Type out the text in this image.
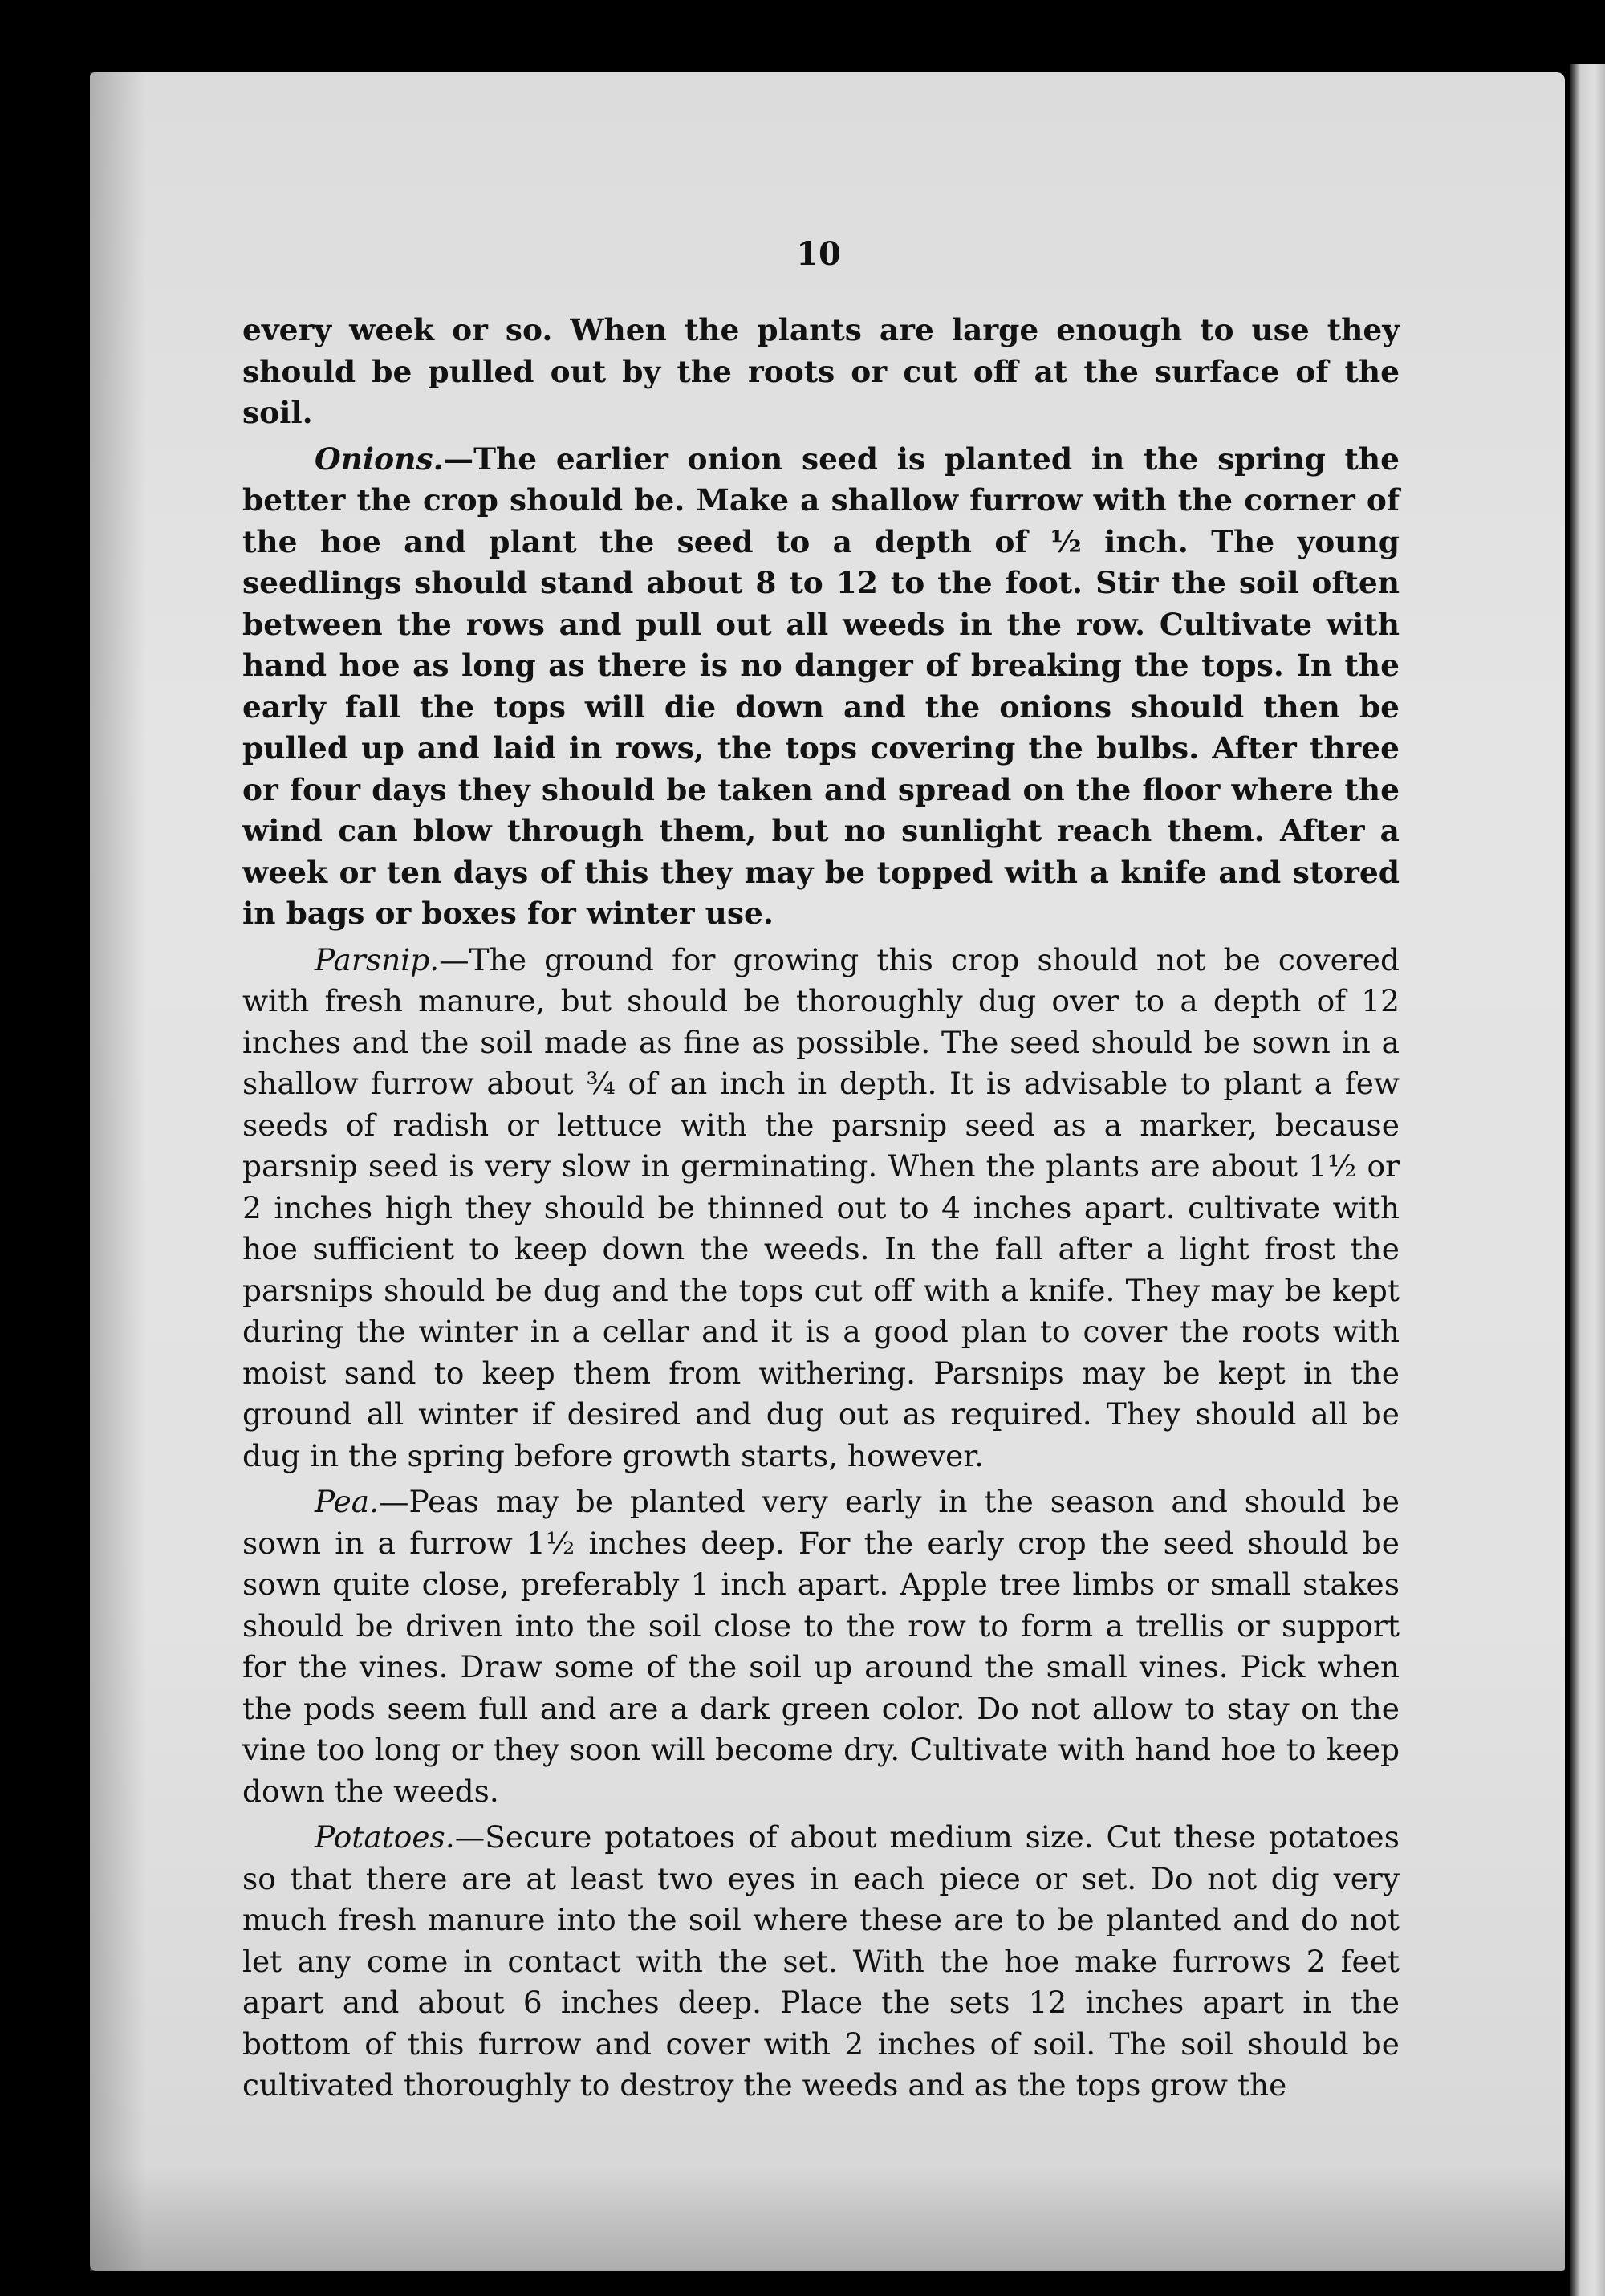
10

every week or so. When the plants are large enough to use they should be pulled out by the roots or cut off at the surface of the soil.

Onions.—The earlier onion seed is planted in the spring the better the crop should be. Make a shallow furrow with the corner of the hoe and plant the seed to a depth of ½ inch. The young seedlings should stand about 8 to 12 to the foot. Stir the soil often between the rows and pull out all weeds in the row. Cultivate with hand hoe as long as there is no danger of breaking the tops. In the early fall the tops will die down and the onions should then be pulled up and laid in rows, the tops covering the bulbs. After three or four days they should be taken and spread on the floor where the wind can blow through them, but no sunlight reach them. After a week or ten days of this they may be topped with a knife and stored in bags or boxes for winter use.

Parsnip.—The ground for growing this crop should not be covered with fresh manure, but should be thoroughly dug over to a depth of 12 inches and the soil made as fine as possible. The seed should be sown in a shallow furrow about ¾ of an inch in depth. It is advisable to plant a few seeds of radish or lettuce with the parsnip seed as a marker, because parsnip seed is very slow in germinating. When the plants are about 1½ or 2 inches high they should be thinned out to 4 inches apart. cultivate with hoe sufficient to keep down the weeds. In the fall after a light frost the parsnips should be dug and the tops cut off with a knife. They may be kept during the winter in a cellar and it is a good plan to cover the roots with moist sand to keep them from withering. Parsnips may be kept in the ground all winter if desired and dug out as required. They should all be dug in the spring before growth starts, however.

Pea.—Peas may be planted very early in the season and should be sown in a furrow 1½ inches deep. For the early crop the seed should be sown quite close, preferably 1 inch apart. Apple tree limbs or small stakes should be driven into the soil close to the row to form a trellis or support for the vines. Draw some of the soil up around the small vines. Pick when the pods seem full and are a dark green color. Do not allow to stay on the vine too long or they soon will become dry. Cultivate with hand hoe to keep down the weeds.

Potatoes.—Secure potatoes of about medium size. Cut these potatoes so that there are at least two eyes in each piece or set. Do not dig very much fresh manure into the soil where these are to be planted and do not let any come in contact with the set. With the hoe make furrows 2 feet apart and about 6 inches deep. Place the sets 12 inches apart in the bottom of this furrow and cover with 2 inches of soil. The soil should be cultivated thoroughly to destroy the weeds and as the tops grow the
